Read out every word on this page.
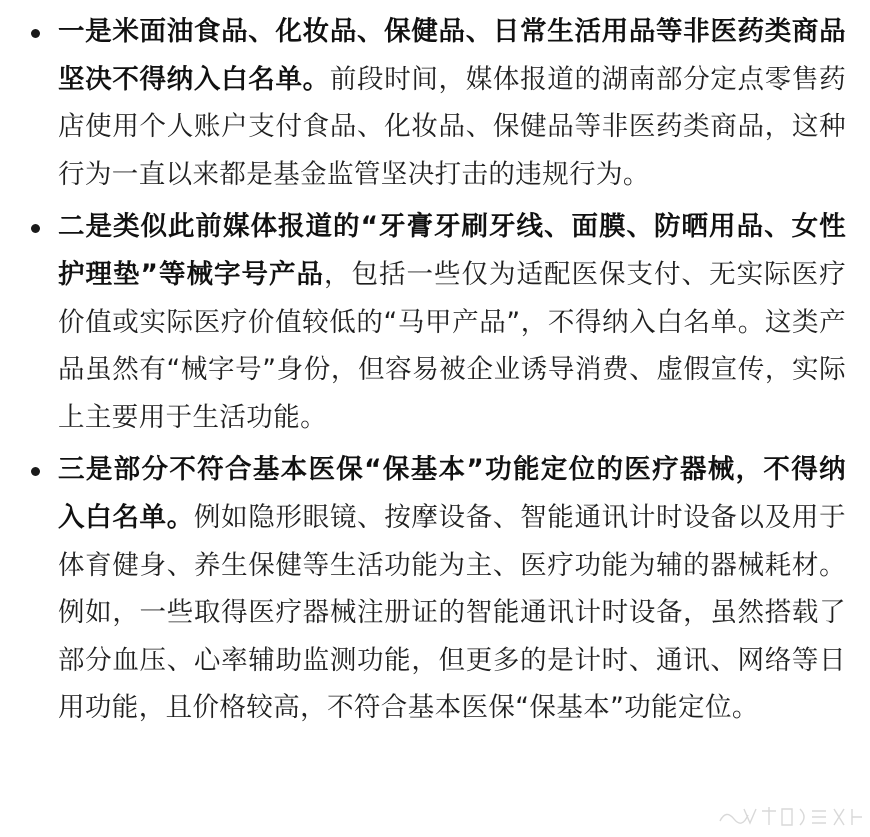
一是米面油食品、化妆品、保健品、日常生活用品等非医药类商品坚决不得纳入白名单。前段时间，媒体报道的湖南部分定点零售药店使用个人账户支付食品、化妆品、保健品等非医药类商品，这种行为一直以来都是基金监管坚决打击的违规行为。
二是类似此前媒体报道的“牙膏牙刷牙线、面膜、防晒用品、女性护理垫”等械字号产品，包括一些仅为适配医保支付、无实际医疗价值或实际医疗价值较低的“马甲产品”，不得纳入白名单。这类产品虽然有“械字号”身份，但容易被企业诱导消费、虚假宣传，实际上主要用于生活功能。
三是部分不符合基本医保“保基本”功能定位的医疗器械，不得纳入白名单。例如隐形眼镜、按摩设备、智能通讯计时设备以及用于体育健身、养生保健等生活功能为主、医疗功能为辅的器械耗材。例如，一些取得医疗器械注册证的智能通讯计时设备，虽然搭载了部分血压、心率辅助监测功能，但更多的是计时、通讯、网络等日用功能，且价格较高，不符合基本医保“保基本”功能定位。
